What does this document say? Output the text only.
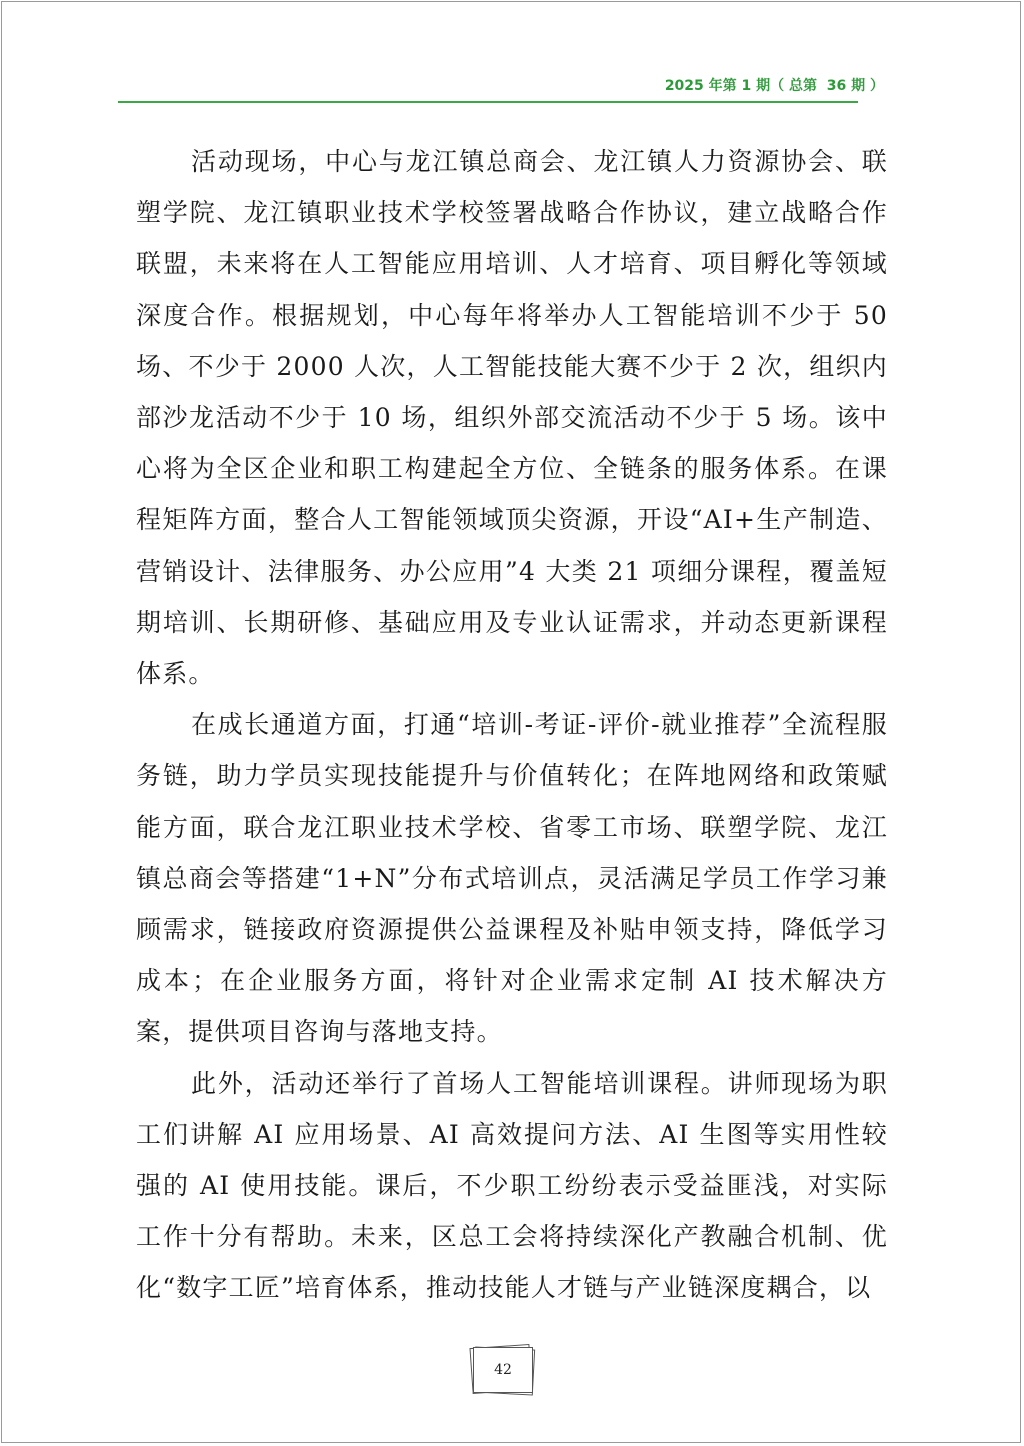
2025 年第 1 期（ 总第  36 期 ）

活动现场，中心与龙江镇总商会、龙江镇人力资源协会、联塑学院、龙江镇职业技术学校签署战略合作协议，建立战略合作联盟，未来将在人工智能应用培训、人才培育、项目孵化等领域深度合作。根据规划，中心每年将举办人工智能培训不少于 50 场、不少于 2000 人次，人工智能技能大赛不少于 2 次，组织内部沙龙活动不少于 10 场，组织外部交流活动不少于 5 场。该中心将为全区企业和职工构建起全方位、全链条的服务体系。在课程矩阵方面，整合人工智能领域顶尖资源，开设“AI+生产制造、营销设计、法律服务、办公应用”4 大类 21 项细分课程，覆盖短期培训、长期研修、基础应用及专业认证需求，并动态更新课程体系。

在成长通道方面，打通“培训-考证-评价-就业推荐”全流程服务链，助力学员实现技能提升与价值转化；在阵地网络和政策赋能方面，联合龙江职业技术学校、省零工市场、联塑学院、龙江镇总商会等搭建“1+N”分布式培训点，灵活满足学员工作学习兼顾需求，链接政府资源提供公益课程及补贴申领支持，降低学习成本；在企业服务方面，将针对企业需求定制 AI 技术解决方案，提供项目咨询与落地支持。

此外，活动还举行了首场人工智能培训课程。讲师现场为职工们讲解 AI 应用场景、AI 高效提问方法、AI 生图等实用性较强的 AI 使用技能。课后，不少职工纷纷表示受益匪浅，对实际工作十分有帮助。未来，区总工会将持续深化产教融合机制、优化“数字工匠”培育体系，推动技能人才链与产业链深度耦合，以

42
